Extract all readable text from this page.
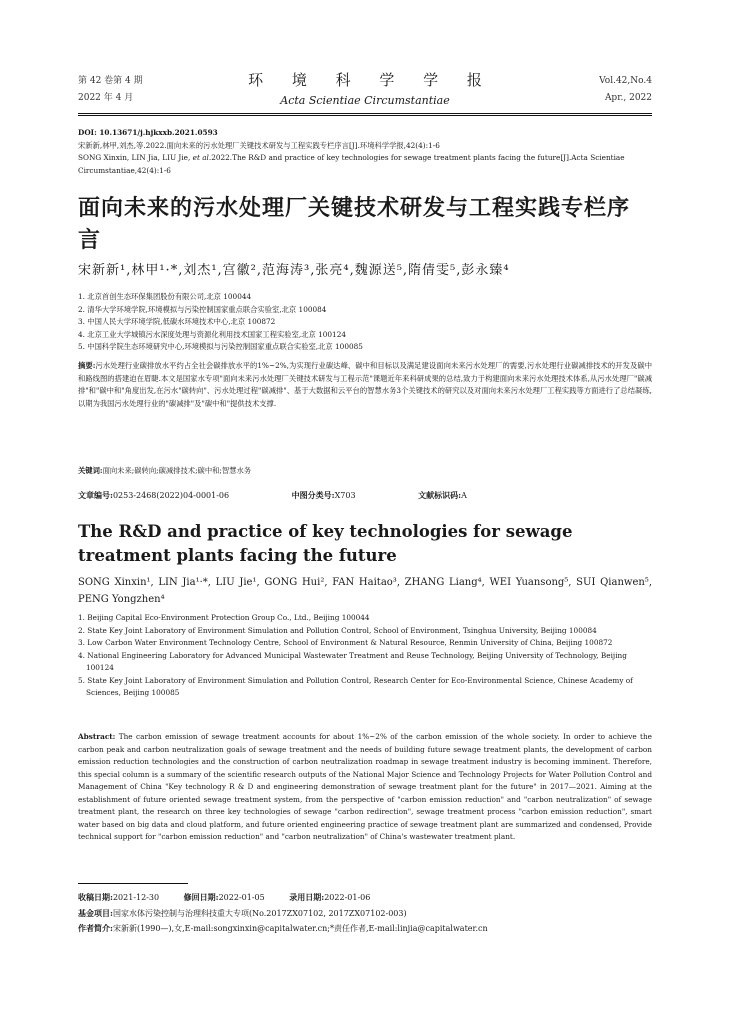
第 42 卷第 4 期
2022 年 4 月
环 境 科 学 学 报
Acta Scientiae Circumstantiae
Vol.42,No.4
Apr., 2022
DOI: 10.13671/j.hjkxxb.2021.0593
宋新新,林甲,刘杰,等.2022.面向未来的污水处理厂关键技术研发与工程实践专栏序言[J].环境科学学报,42(4):1-6
SONG Xinxin, LIN Jia, LIU Jie, et al.2022.The R&D and practice of key technologies for sewage treatment plants facing the future[J].Acta Scientiae Circumstantiae,42(4):1-6
面向未来的污水处理厂关键技术研发与工程实践专栏序言
宋新新¹,林甲¹·*,刘杰¹,宫徽²,范海涛³,张亮⁴,魏源送⁵,隋倩雯⁵,彭永臻⁴
1. 北京首创生态环保集团股份有限公司,北京 100044
2. 清华大学环境学院,环境模拟与污染控制国家重点联合实验室,北京 100084
3. 中国人民大学环境学院,低碳水环境技术中心,北京 100872
4. 北京工业大学城镇污水深度处理与资源化利用技术国家工程实验室,北京 100124
5. 中国科学院生态环境研究中心,环境模拟与污染控制国家重点联合实验室,北京 100085
摘要:污水处理行业碳排放水平约占全社会碳排放水平的1%~2%,为实现行业碳达峰、碳中和目标以及满足建设面向未来污水处理厂的需要,污水处理行业碳减排技术的开发及碳中和路线图的搭建迫在眉睫.本文是国家水专项"面向未来污水处理厂关键技术研发与工程示范"课题近年来科研成果的总结,致力于构建面向未来污水处理技术体系,从污水处理厂"碳减排"和"碳中和"角度出发,在污水"碳转向"、污水处理过程"碳减排"、基于大数据和云平台的智慧水务3个关键技术的研究以及对面向未来污水处理厂工程实践等方面进行了总结凝练,以期为我国污水处理行业的"碳减排"及"碳中和"提供技术支撑.
关键词:面向未来;碳转向;碳减排技术;碳中和;智慧水务
文章编号:0253-2468(2022)04-0001-06	中图分类号:X703	文献标识码:A
The R&D and practice of key technologies for sewage treatment plants facing the future
SONG Xinxin¹, LIN Jia¹·*, LIU Jie¹, GONG Hui², FAN Haitao³, ZHANG Liang⁴, WEI Yuansong⁵, SUI Qianwen⁵, PENG Yongzhen⁴
1. Beijing Capital Eco-Environment Protection Group Co., Ltd., Beijing 100044
2. State Key Joint Laboratory of Environment Simulation and Pollution Control, School of Environment, Tsinghua University, Beijing 100084
3. Low Carbon Water Environment Technology Centre, School of Environment & Natural Resource, Renmin University of China, Beijing 100872
4. National Engineering Laboratory for Advanced Municipal Wastewater Treatment and Reuse Technology, Beijing University of Technology, Beijing 100124
5. State Key Joint Laboratory of Environment Simulation and Pollution Control, Research Center for Eco-Environmental Science, Chinese Academy of Sciences, Beijing 100085
Abstract: The carbon emission of sewage treatment accounts for about 1%~2% of the carbon emission of the whole society. In order to achieve the carbon peak and carbon neutralization goals of sewage treatment and the needs of building future sewage treatment plants, the development of carbon emission reduction technologies and the construction of carbon neutralization roadmap in sewage treatment industry is becoming imminent. Therefore, this special column is a summary of the scientific research outputs of the National Major Science and Technology Projects for Water Pollution Control and Management of China "Key technology R & D and engineering demonstration of sewage treatment plant for the future" in 2017—2021. Aiming at the establishment of future oriented sewage treatment system, from the perspective of "carbon emission reduction" and "carbon neutralization" of sewage treatment plant, the research on three key technologies of sewage "carbon redirection", sewage treatment process "carbon emission reduction", smart water based on big data and cloud platform, and future oriented engineering practice of sewage treatment plant are summarized and condensed, Provide technical support for "carbon emission reduction" and "carbon neutralization" of China's wastewater treatment plant.
收稿日期:2021-12-30	修回日期:2022-01-05	录用日期:2022-01-06
基金项目:国家水体污染控制与治理科技重大专项(No.2017ZX07102, 2017ZX07102-003)
作者简介:宋新新(1990—),女,E-mail:songxinxin@capitalwater.cn;*责任作者,E-mail:linjia@capitalwater.cn
